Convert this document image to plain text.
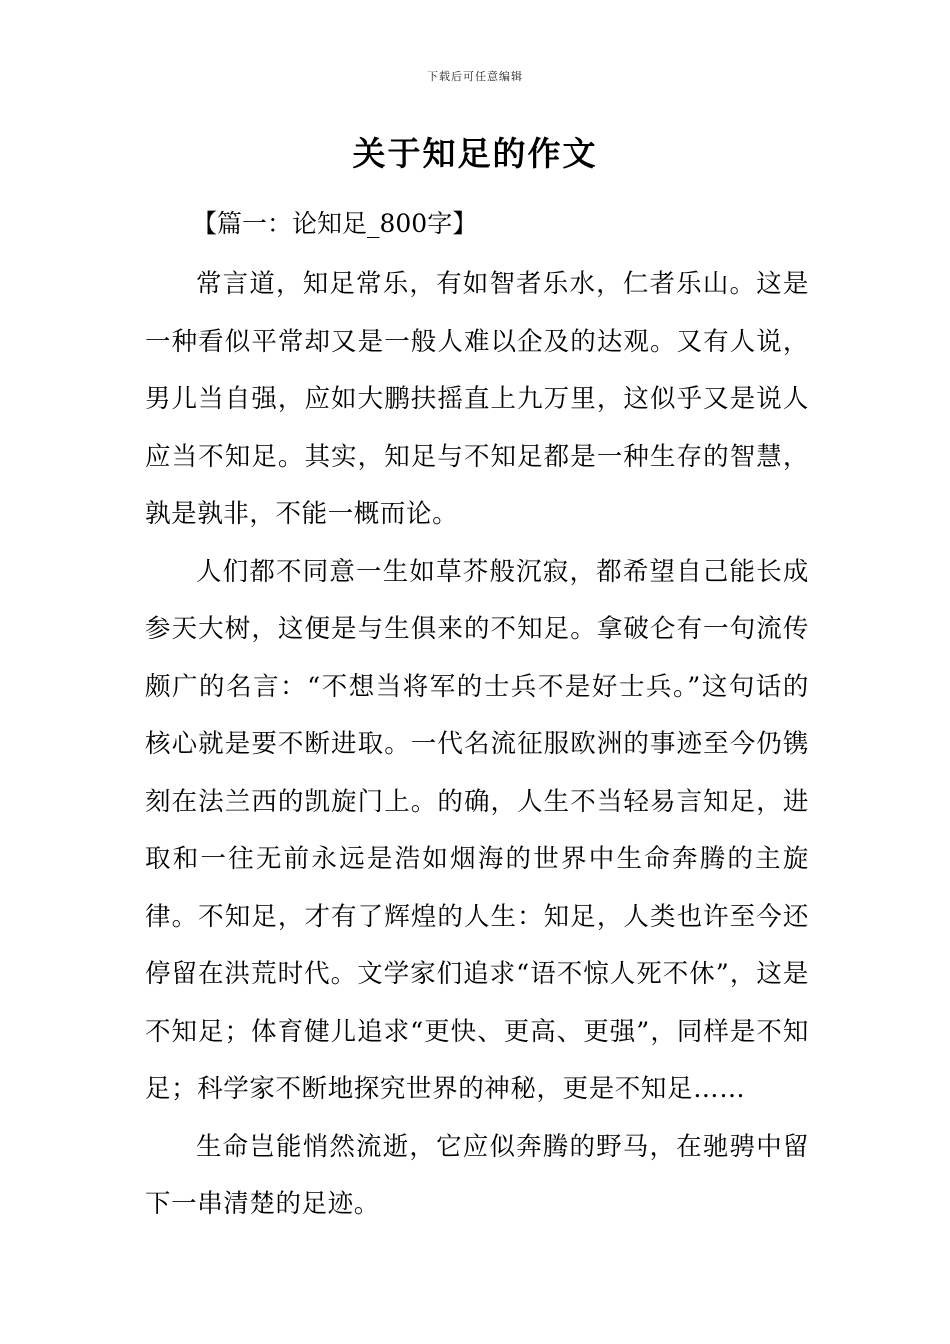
下载后可任意编辑
关于知足的作文

【篇一：论知足_800字】

常言道，知足常乐，有如智者乐水，仁者乐山。这是一种看似平常却又是一般人难以企及的达观。又有人说，男儿当自强，应如大鹏扶摇直上九万里，这似乎又是说人应当不知足。其实，知足与不知足都是一种生存的智慧，孰是孰非，不能一概而论。

人们都不同意一生如草芥般沉寂，都希望自己能长成参天大树，这便是与生俱来的不知足。拿破仑有一句流传颇广的名言：“不想当将军的士兵不是好士兵。”这句话的核心就是要不断进取。一代名流征服欧洲的事迹至今仍镌刻在法兰西的凯旋门上。的确，人生不当轻易言知足，进取和一往无前永远是浩如烟海的世界中生命奔腾的主旋律。不知足，才有了辉煌的人生：知足，人类也许至今还停留在洪荒时代。文学家们追求“语不惊人死不休”，这是不知足；体育健儿追求“更快、更高、更强”，同样是不知足；科学家不断地探究世界的神秘，更是不知足……

生命岂能悄然流逝，它应似奔腾的野马，在驰骋中留下一串清楚的足迹。
